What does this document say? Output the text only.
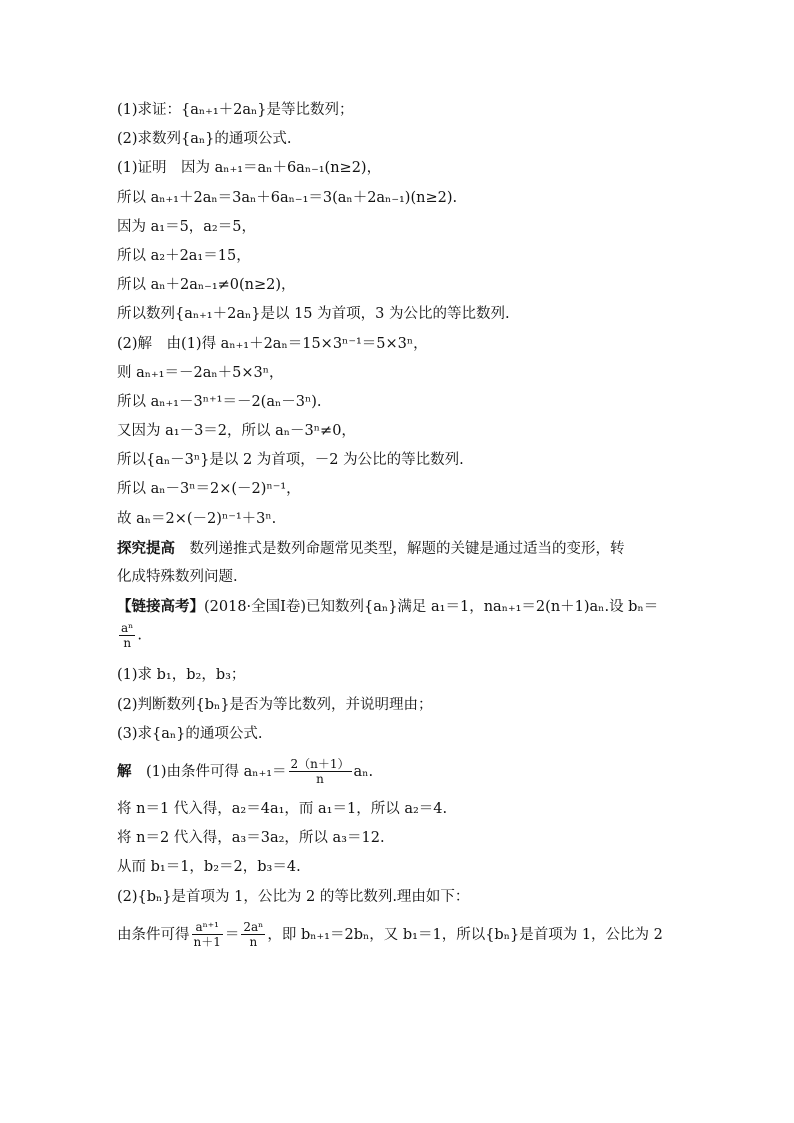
(1)求证：{aₙ₊₁＋2aₙ}是等比数列；
(2)求数列{aₙ}的通项公式.
(1)证明　因为 aₙ₊₁＝aₙ＋6aₙ₋₁(n≥2)，
所以 aₙ₊₁＋2aₙ＝3aₙ＋6aₙ₋₁＝3(aₙ＋2aₙ₋₁)(n≥2).
因为 a₁＝5，a₂＝5，
所以 a₂＋2a₁＝15，
所以 aₙ＋2aₙ₋₁≠0(n≥2)，
所以数列{aₙ₊₁＋2aₙ}是以 15 为首项，3 为公比的等比数列.
(2)解　由(1)得 aₙ₊₁＋2aₙ＝15×3ⁿ⁻¹＝5×3ⁿ，
则 aₙ₊₁＝－2aₙ＋5×3ⁿ，
所以 aₙ₊₁－3ⁿ⁺¹＝－2(aₙ－3ⁿ).
又因为 a₁－3＝2，所以 aₙ－3ⁿ≠0，
所以{aₙ－3ⁿ}是以 2 为首项，－2 为公比的等比数列.
所以 aₙ－3ⁿ＝2×(－2)ⁿ⁻¹，
故 aₙ＝2×(－2)ⁿ⁻¹＋3ⁿ.
探究提高　数列递推式是数列命题常见类型，解题的关键是通过适当的变形，转
化成特殊数列问题.
【链接高考】(2018·全国Ⅰ卷)已知数列{aₙ}满足 a₁＝1，naₙ₊₁＝2(n＋1)aₙ.设 bₙ＝
$\frac{\text{aⁿ}}{n}$ .
(1)求 b₁，b₂，b₃；
(2)判断数列{bₙ}是否为等比数列，并说明理由；
(3)求{aₙ}的通项公式.
解　(1)由条件可得 $a_{n+1}= \frac{2(n+1)}{n} a_n$.
将 n＝1 代入得，a₂＝4a₁，而 a₁＝1，所以 a₂＝4.
将 n＝2 代入得，a₃＝3a₂，所以 a₃＝12.
从而 b₁＝1，b₂＝2，b₃＝4.
(2){bₙ}是首项为 1，公比为 2 的等比数列.理由如下：
由条件可得 $\frac{\text{aⁿ⁺¹}}{n+1} = \frac{\text{2aⁿ}}{n}$ ，即 bₙ₊₁＝2bₙ，又 b₁＝1，所以{bₙ}是首项为 1，公比为 2
